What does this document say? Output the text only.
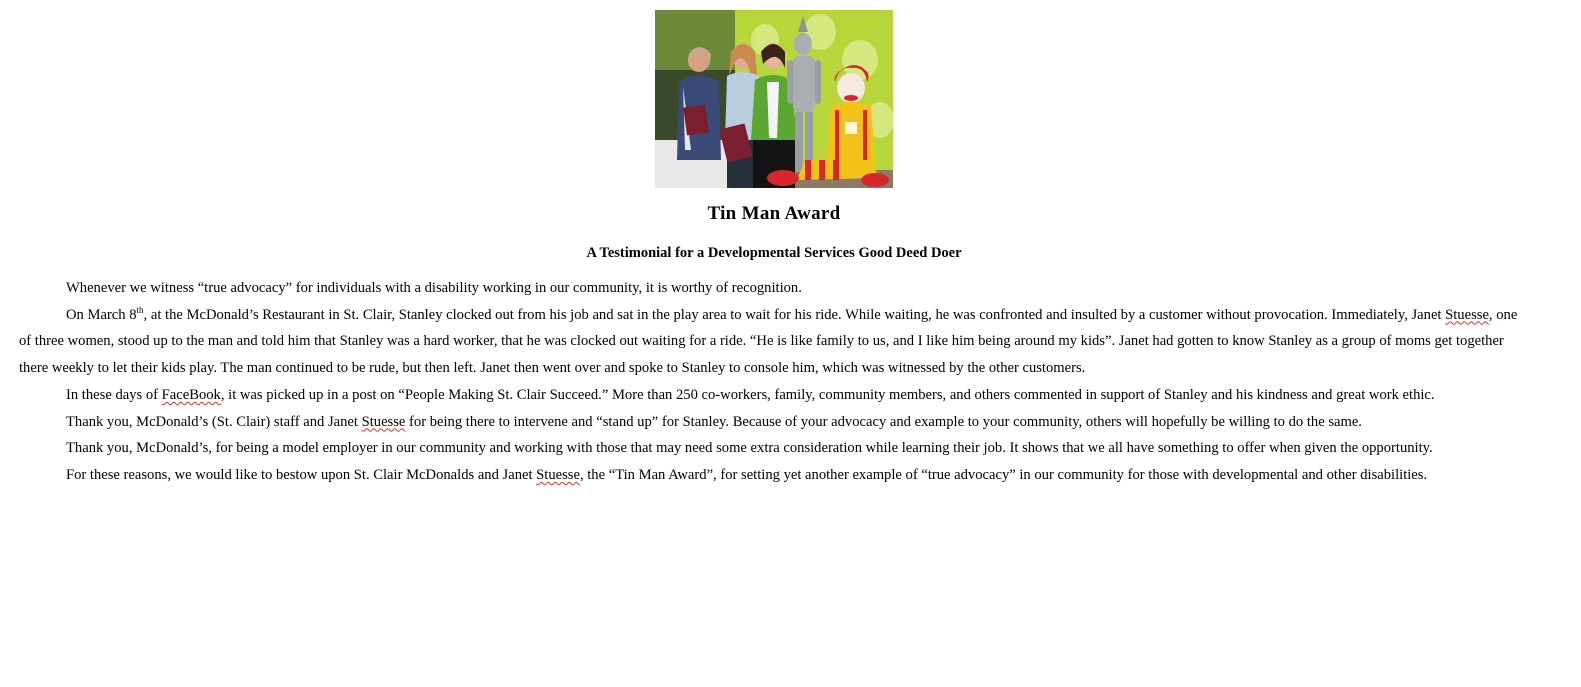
Tin Man Award
A Testimonial for a Developmental Services Good Deed Doer

Whenever we witness “true advocacy” for individuals with a disability working in our community, it is worthy of recognition.

On March 8th, at the McDonald’s Restaurant in St. Clair, Stanley clocked out from his job and sat in the play area to wait for his ride. While waiting, he was confronted and insulted by a customer without provocation. Immediately, Janet Stuesse, one of three women, stood up to the man and told him that Stanley was a hard worker, that he was clocked out waiting for a ride. “He is like family to us, and I like him being around my kids”. Janet had gotten to know Stanley as a group of moms get together there weekly to let their kids play. The man continued to be rude, but then left. Janet then went over and spoke to Stanley to console him, which was witnessed by the other customers.

In these days of FaceBook, it was picked up in a post on “People Making St. Clair Succeed.” More than 250 co-workers, family, community members, and others commented in support of Stanley and his kindness and great work ethic.

Thank you, McDonald’s (St. Clair) staff and Janet Stuesse for being there to intervene and “stand up” for Stanley. Because of your advocacy and example to your community, others will hopefully be willing to do the same.

Thank you, McDonald’s, for being a model employer in our community and working with those that may need some extra consideration while learning their job. It shows that we all have something to offer when given the opportunity.

For these reasons, we would like to bestow upon St. Clair McDonalds and Janet Stuesse, the “Tin Man Award”, for setting yet another example of “true advocacy” in our community for those with developmental and other disabilities.
